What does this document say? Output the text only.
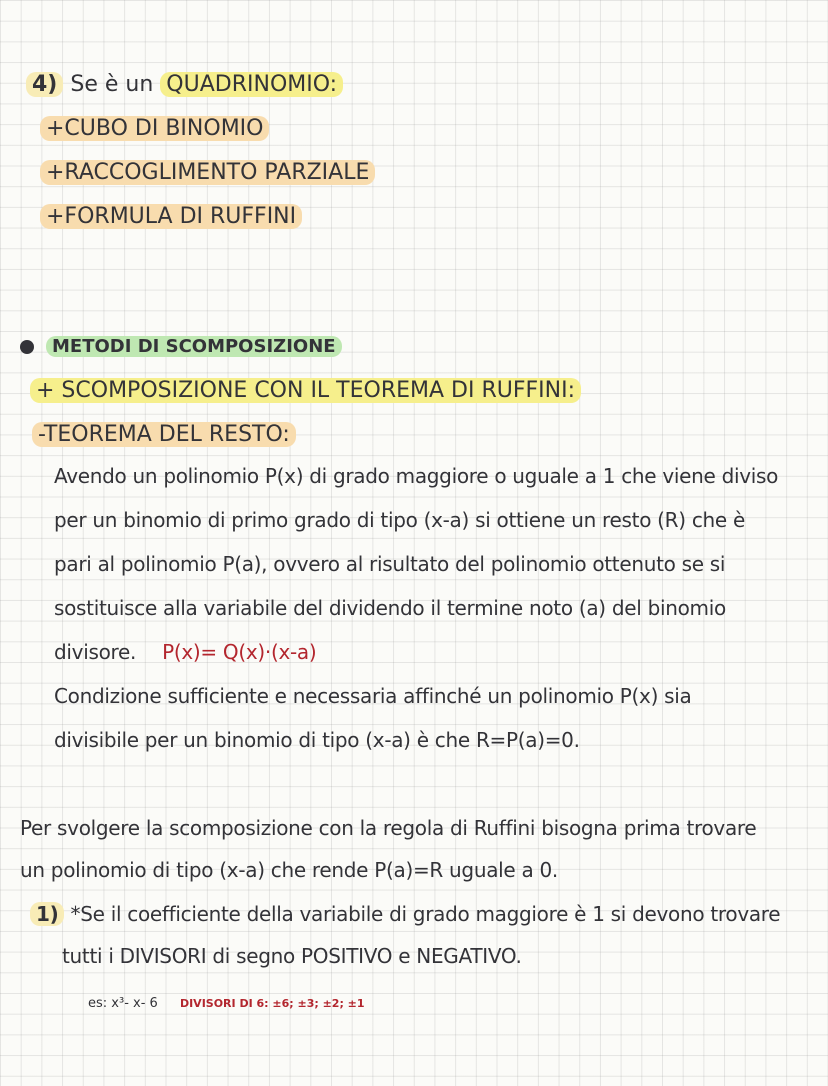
4) Se è un QUADRINOMIO:
+CUBO DI BINOMIO
+RACCOGLIMENTO PARZIALE
+FORMULA DI RUFFINI
METODI DI SCOMPOSIZIONE
+ SCOMPOSIZIONE CON IL TEOREMA DI RUFFINI:
-TEOREMA DEL RESTO:
Avendo un polinomio P(x) di grado maggiore o uguale a 1 che viene diviso
per un binomio di primo grado di tipo (x-a) si ottiene un resto (R) che è
pari al polinomio P(a), ovvero al risultato del polinomio ottenuto se si
sostituisce alla variabile del dividendo il termine noto (a) del binomio
divisore. P(x)= Q(x)·(x-a)
Condizione sufficiente e necessaria affinché un polinomio P(x) sia
divisibile per un binomio di tipo (x-a) è che R=P(a)=0.
Per svolgere la scomposizione con la regola di Ruffini bisogna prima trovare
un polinomio di tipo (x-a) che rende P(a)=R uguale a 0.
1) *Se il coefficiente della variabile di grado maggiore è 1 si devono trovare
tutti i DIVISORI di segno POSITIVO e NEGATIVO.
es: x³- x- 6 DIVISORI DI 6: ±6; ±3; ±2; ±1
